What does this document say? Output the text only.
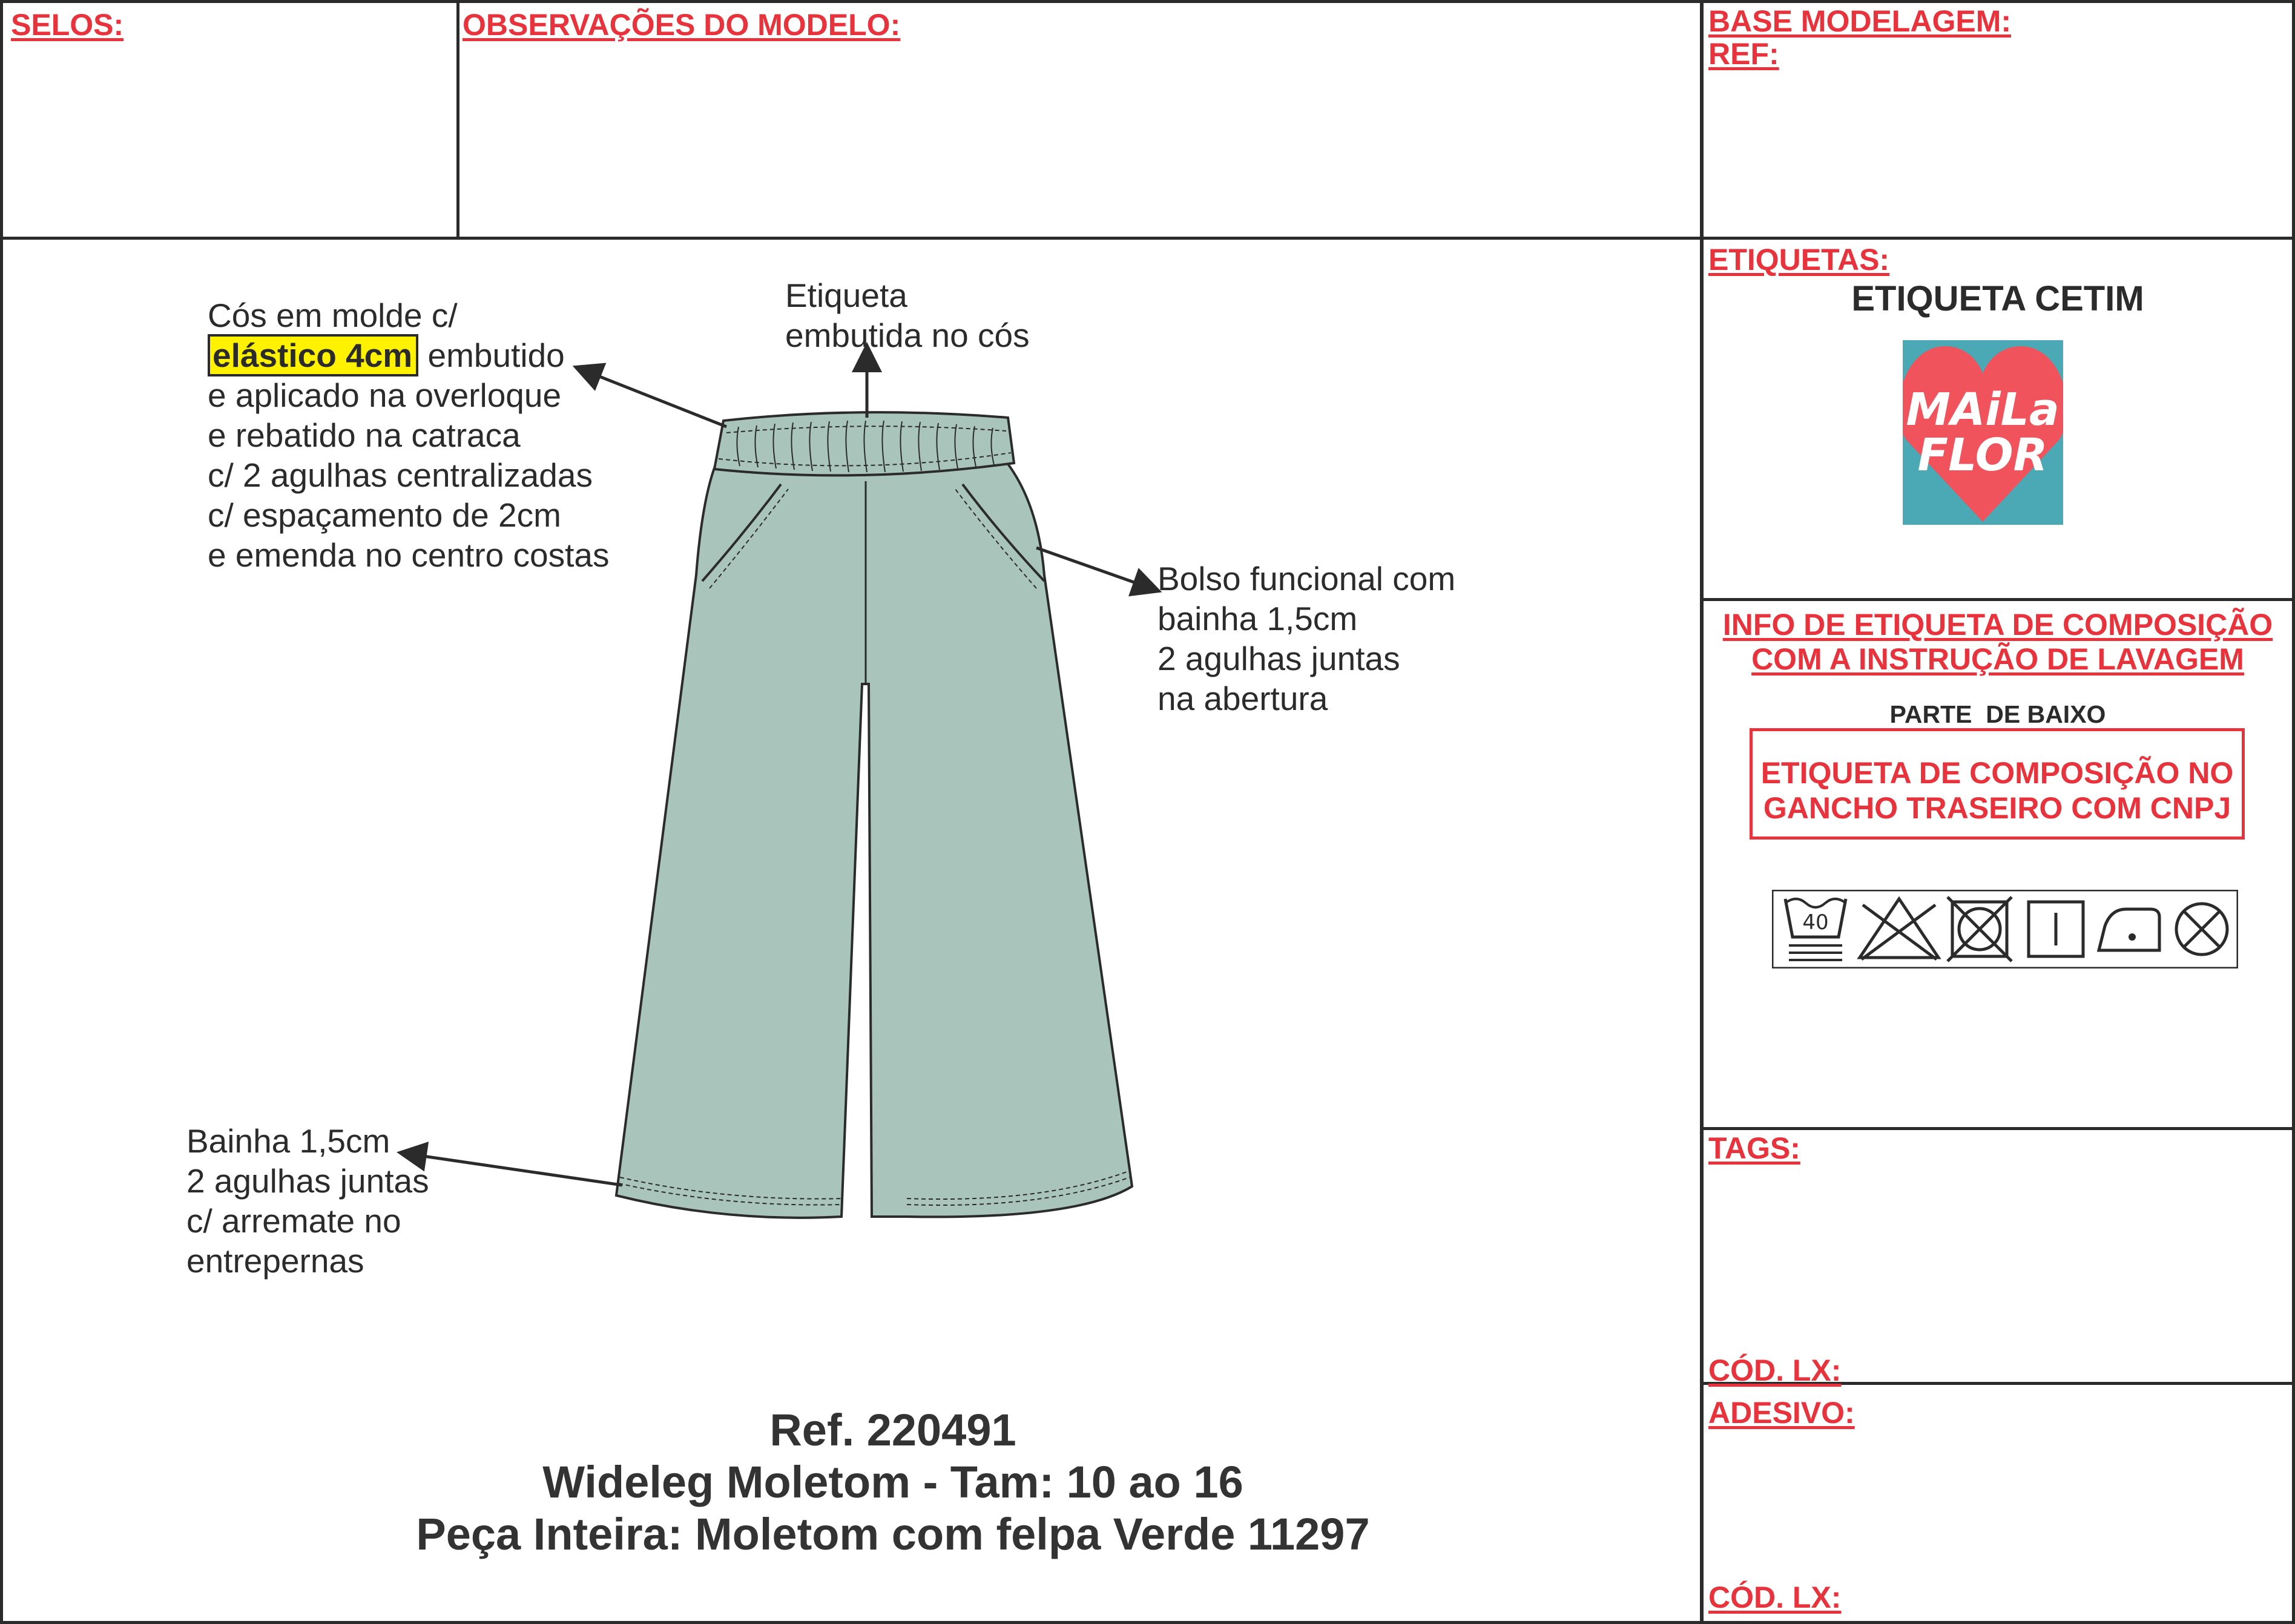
SELOS:	OBSERVAÇÕES DO MODELO:	BASE MODELAGEM:
REF:
ETIQUETAS:
ETIQUETA CETIM
MAiLa
FLOR
INFO DE ETIQUETA DE COMPOSIÇÃO
COM A INSTRUÇÃO DE LAVAGEM
PARTE  DE BAIXO
ETIQUETA DE COMPOSIÇÃO NO
GANCHO TRASEIRO COM CNPJ
40
TAGS:
CÓD. LX:
ADESIVO:
CÓD. LX:
Cós em molde c/
elástico 4cm embutido
e aplicado na overloque
e rebatido na catraca
c/ 2 agulhas centralizadas
c/ espaçamento de 2cm
e emenda no centro costas
Etiqueta
embutida no cós
Bolso funcional com
bainha 1,5cm
2 agulhas juntas
na abertura
Bainha 1,5cm
2 agulhas juntas
c/ arremate no
entrepernas
Ref. 220491
Wideleg Moletom - Tam: 10 ao 16
Peça Inteira: Moletom com felpa Verde 11297
